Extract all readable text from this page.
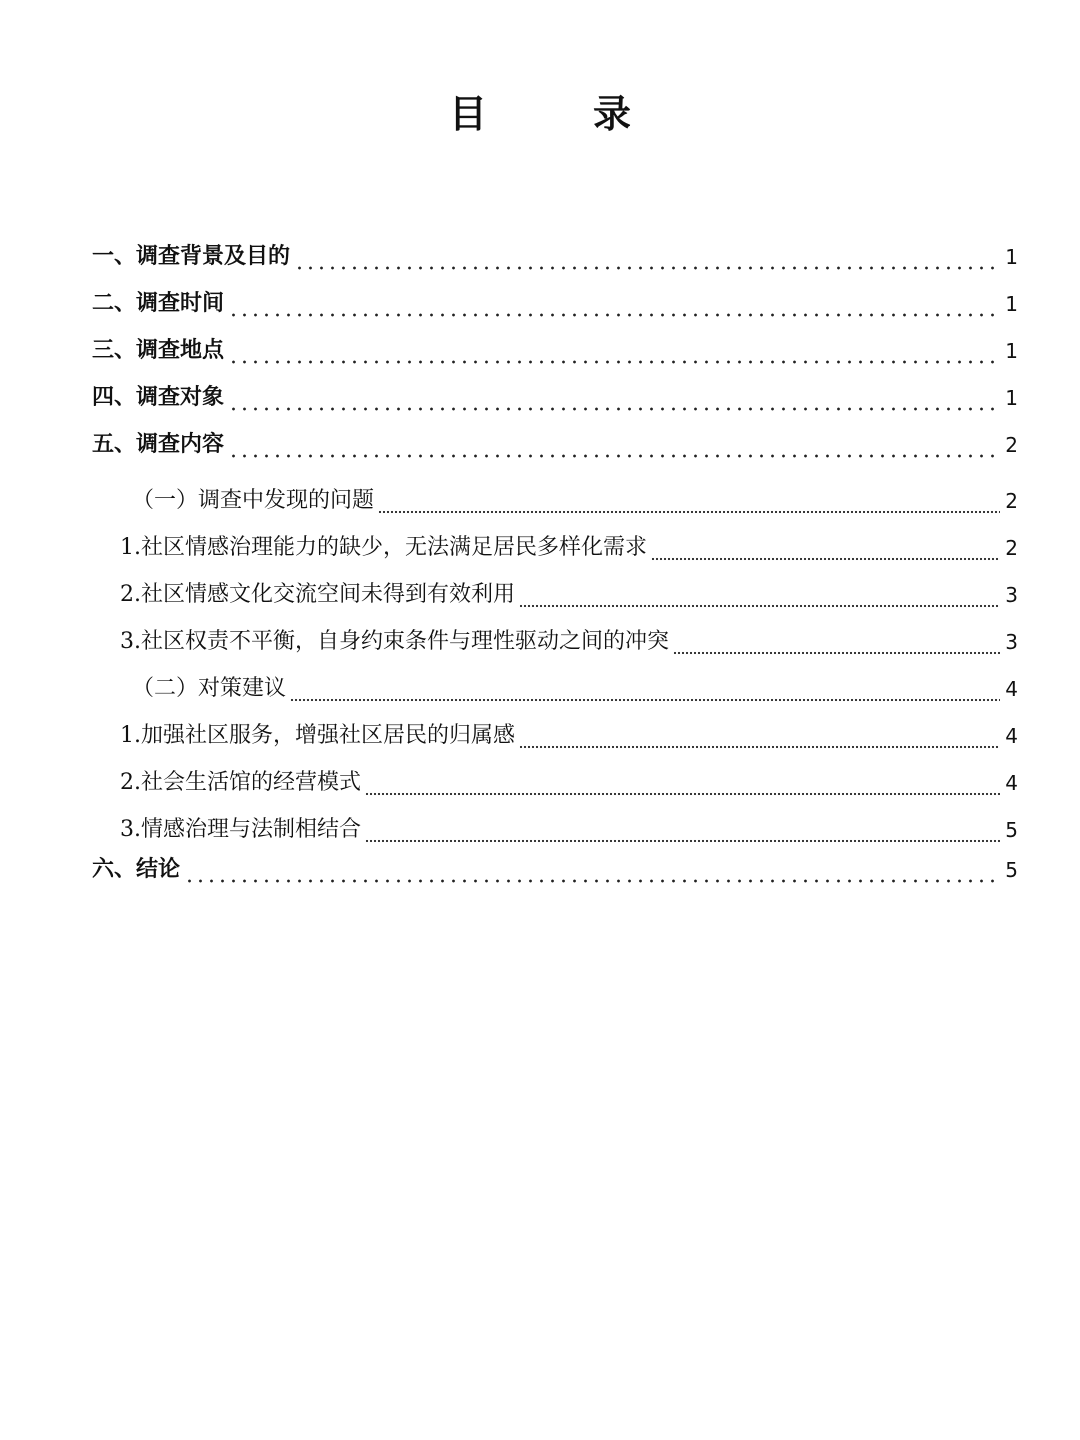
目　录
一、调查背景及目的	1
二、调查时间	1
三、调查地点	1
四、调查对象	1
五、调查内容	2
（一）调查中发现的问题	2
1.社区情感治理能力的缺少，无法满足居民多样化需求	2
2.社区情感文化交流空间未得到有效利用	3
3.社区权责不平衡，自身约束条件与理性驱动之间的冲突	3
（二）对策建议	4
1.加强社区服务，增强社区居民的归属感	4
2.社会生活馆的经营模式	4
3.情感治理与法制相结合	5
六、结论	5
